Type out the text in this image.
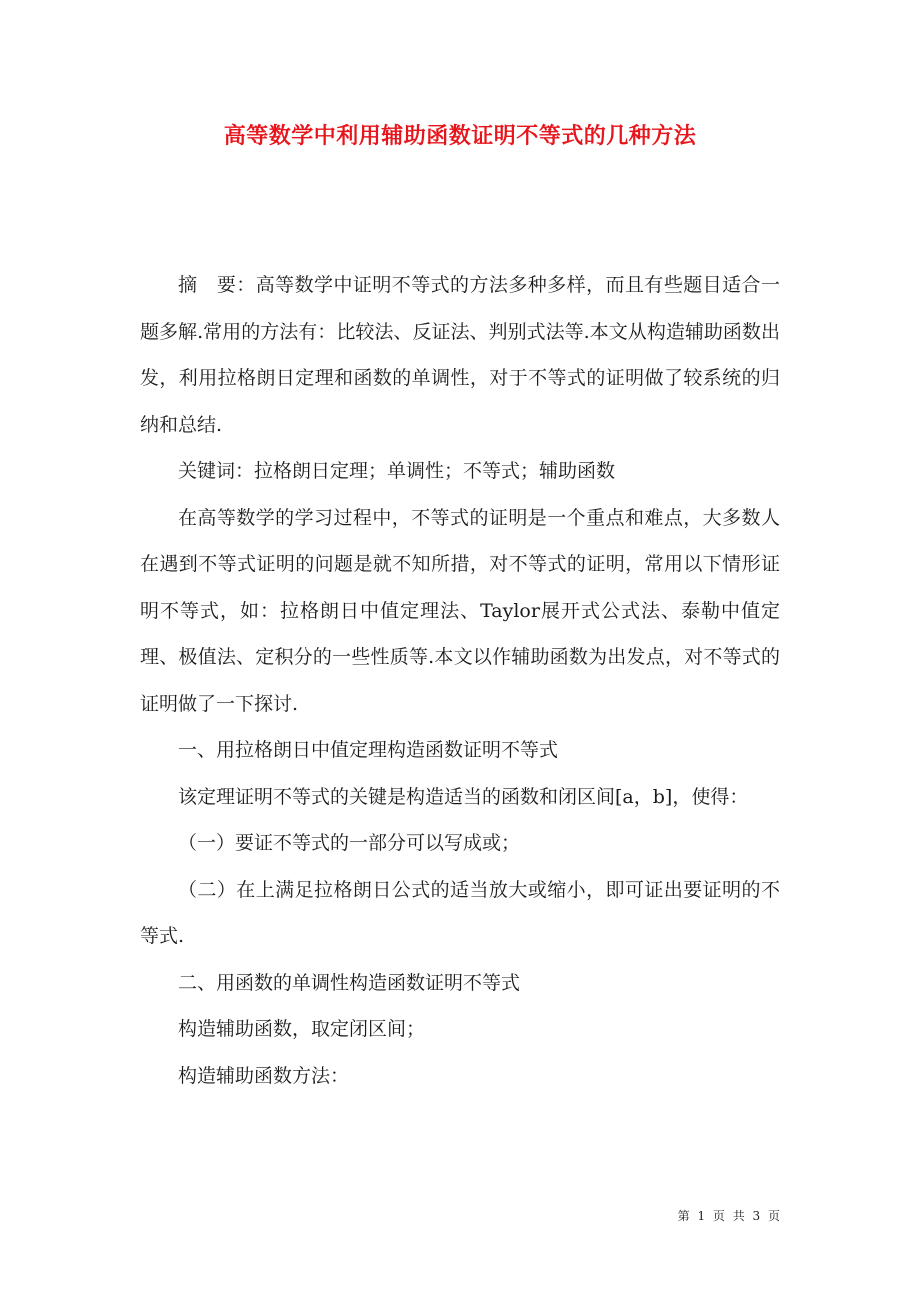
高等数学中利用辅助函数证明不等式的几种方法

摘　要：高等数学中证明不等式的方法多种多样，而且有些题目适合一题多解.常用的方法有：比较法、反证法、判别式法等.本文从构造辅助函数出发，利用拉格朗日定理和函数的单调性，对于不等式的证明做了较系统的归纳和总结.

关键词：拉格朗日定理；单调性；不等式；辅助函数

在高等数学的学习过程中，不等式的证明是一个重点和难点，大多数人在遇到不等式证明的问题是就不知所措，对不等式的证明，常用以下情形证明不等式，如：拉格朗日中值定理法、Taylor展开式公式法、泰勒中值定理、极值法、定积分的一些性质等.本文以作辅助函数为出发点，对不等式的证明做了一下探讨.

一、用拉格朗日中值定理构造函数证明不等式

该定理证明不等式的关键是构造适当的函数和闭区间[a，b]，使得：

（一）要证不等式的一部分可以写成或；

（二）在上满足拉格朗日公式的适当放大或缩小，即可证出要证明的不等式.

二、用函数的单调性构造函数证明不等式

构造辅助函数，取定闭区间；

构造辅助函数方法：

第 1 页 共 3 页
